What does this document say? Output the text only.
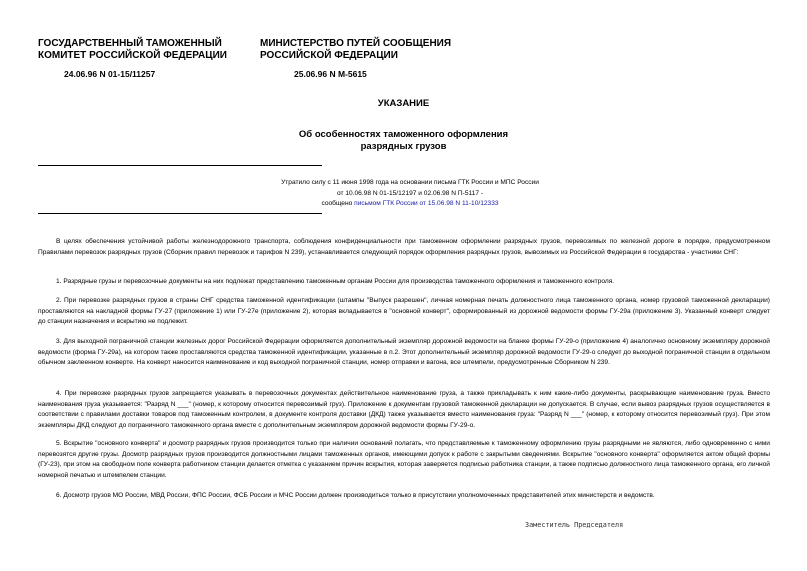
ГОСУДАРСТВЕННЫЙ ТАМОЖЕННЫЙ
КОМИТЕТ РОССИЙСКОЙ ФЕДЕРАЦИИ
24.06.96 N 01-15/11257
МИНИСТЕРСТВО ПУТЕЙ СООБЩЕНИЯ
РОССИЙСКОЙ ФЕДЕРАЦИИ
25.06.96 N М-5615
УКАЗАНИЕ
Об особенностях таможенного оформления
разрядных грузов
Утратило силу с 11 июня 1998 года на основании письма ГТК России и МПС России
от 10.06.98 N 01-15/12197 и 02.06.98 N П-5117 -
сообщено письмом ГТК России от 15.06.98 N 11-10/12333
В целях обеспечения устойчивой работы железнодорожного транспорта, соблюдения конфиденциальности при таможенном оформлении разрядных грузов, перевозимых по железной дороге в порядке, предусмотренном Правилами перевозок разрядных грузов (Сборник правил перевозок и тарифов N 239), устанавливается следующий порядок оформления разрядных грузов, вывозимых из Российской Федерации в государства - участники СНГ:
1. Разрядные грузы и перевозочные документы на них подлежат представлению таможенным органам России для производства таможенного оформления и таможенного контроля.
2. При перевозке разрядных грузов в страны СНГ средства таможенной идентификации (штампы "Выпуск разрешен", личная номерная печать должностного лица таможенного органа, номер грузовой таможенной декларации) проставляются на накладной формы ГУ-27 (приложение 1) или ГУ-27е (приложение 2), которая вкладывается в "основной конверт", сформированный из дорожной ведомости формы ГУ-29а (приложение 3). Указанный конверт следует до станции назначения и вскрытию не подлежит.
3. Для выходной пограничной станции железных дорог Российской Федерации оформляется дополнительный экземпляр дорожной ведомости на бланке формы ГУ-29-о (приложение 4) аналогично основному экземпляру дорожной ведомости (форма ГУ-29а), на котором также проставляются средства таможенной идентификации, указанные в п.2. Этот дополнительный экземпляр дорожной ведомости ГУ-29-о следует до выходной пограничной станции в отдельном обычном заклеенном конверте. На конверт наносится наименование и код выходной пограничной станции, номер отправки и вагона, все штемпели, предусмотренные Сборником N 239.
4. При перевозке разрядных грузов запрещается указывать в перевозочных документах действительное наименование груза, а также прикладывать к ним какие-либо документы, раскрывающие наименование груза. Вместо наименования груза указывается: "Разряд N ___" (номер, к которому относится перевозимый груз). Приложение к документам грузовой таможенной декларации не допускается. В случае, если вывоз разрядных грузов осуществляется в соответствии с правилами доставки товаров под таможенным контролем, в документе контроля доставки (ДКД) также указывается вместо наименования груза: "Разряд N ___" (номер, к которому относится перевозимый груз). При этом экземпляры ДКД следуют до пограничного таможенного органа вместе с дополнительным экземпляром дорожной ведомости формы ГУ-29-о.
5. Вскрытие "основного конверта" и досмотр разрядных грузов производится только при наличии оснований полагать, что представляемые к таможенному оформлению грузы разрядными не являются, либо одновременно с ними перевозятся другие грузы. Досмотр разрядных грузов производится должностными лицами таможенных органов, имеющими допуск к работе с закрытыми сведениями. Вскрытие "основного конверта" оформляется актом общей формы (ГУ-23), при этом на свободном поле конверта работником станции делается отметка с указанием причин вскрытия, которая заверяется подписью работника станции, а также подписью должностного лица таможенного органа, его личной номерной печатью и штемпелем станции.
6. Досмотр грузов МО России, МВД России, ФПС России, ФСБ России и МЧС России должен производиться только в присутствии уполномоченных представителей этих министерств и ведомств.
Заместитель Председателя
